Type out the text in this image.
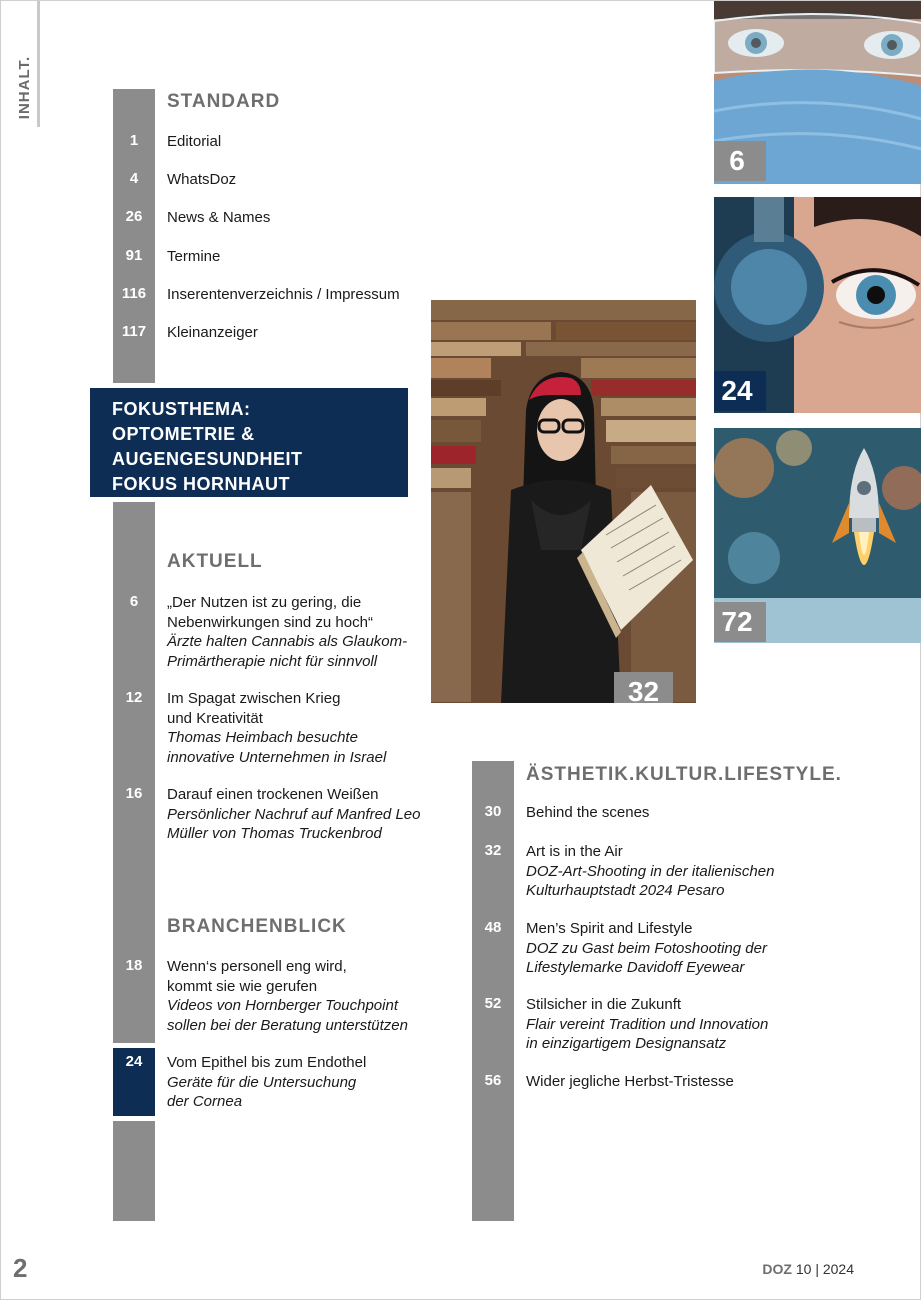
INHALT.	STANDARD
1	Editorial
4	WhatsDoz
26	News & Names
91	Termine
116	Inserentenverzeichnis / Impressum
117	Kleinanzeiger
FOKUSTHEMA:
OPTOMETRIE &
AUGENGESUNDHEIT
FOKUS HORNHAUT
AKTUELL
6	„Der Nutzen ist zu gering, die
Nebenwirkungen sind zu hoch“
Ärzte halten Cannabis als Glaukom-
Primärtherapie nicht für sinnvoll
12	Im Spagat zwischen Krieg
und Kreativität
Thomas Heimbach besuchte
innovative Unternehmen in Israel
16	Darauf einen trockenen Weißen
Persönlicher Nachruf auf Manfred Leo
Müller von Thomas Truckenbrod
BRANCHENBLICK
18	Wenn‘s personell eng wird,
kommt sie wie gerufen
Videos von Hornberger Touchpoint
sollen bei der Beratung unterstützen
24	Vom Epithel bis zum Endothel
Geräte für die Untersuchung
der Cornea
32
6
24
72
ÄSTHETIK.KULTUR.LIFESTYLE.
30	Behind the scenes
32	Art is in the Air
DOZ-Art-Shooting in der italienischen
Kulturhauptstadt 2024 Pesaro
48	Men’s Spirit and Lifestyle
DOZ zu Gast beim Fotoshooting der
Lifestylemarke Davidoff Eyewear
52	Stilsicher in die Zukunft
Flair vereint Tradition und Innovation
in einzigartigem Designansatz
56	Wider jegliche Herbst-Tristesse
2	DOZ 10 | 2024
